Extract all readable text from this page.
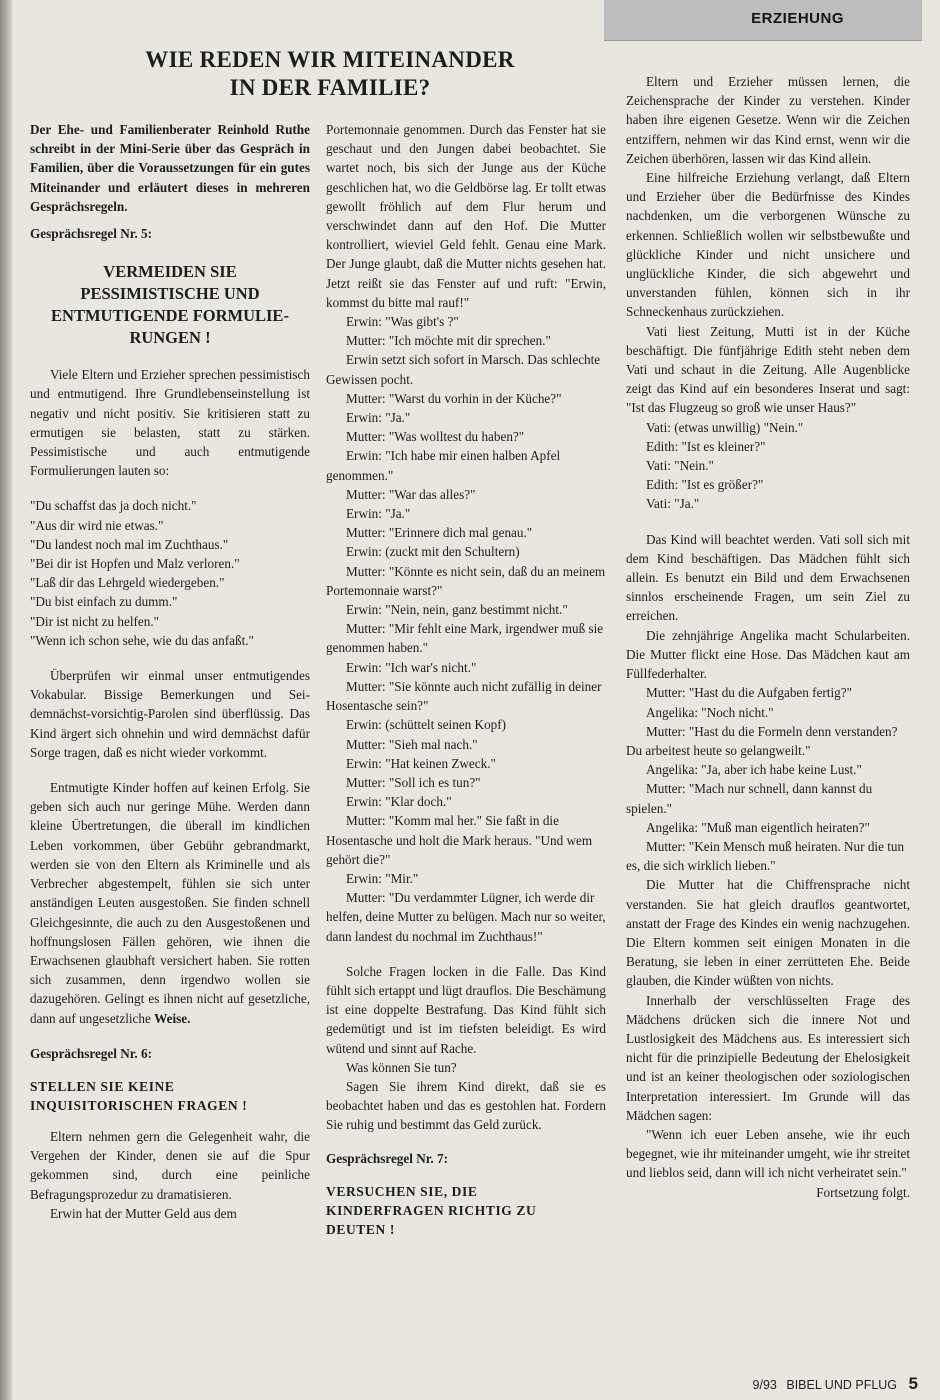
ERZIEHUNG
WIE REDEN WIR MITEINANDER
IN DER FAMILIE?

Der Ehe- und Familienberater Reinhold Ruthe schreibt in der Mini-Serie über das Gespräch in Familien, über die Voraussetzungen für ein gutes Miteinander und erläutert dieses in mehreren Gesprächsregeln.

Gesprächsregel Nr. 5:
VERMEIDEN SIE
PESSIMISTISCHE UND
ENTMUTIGENDE FORMULIE-
RUNGEN !

Viele Eltern und Erzieher sprechen pessimistisch und entmutigend. Ihre Grundlebenseinstellung ist negativ und nicht positiv. Sie kritisieren statt zu ermutigen sie belasten, statt zu stärken. Pessimistische und auch entmutigende Formulierungen lauten so:

"Du schaffst das ja doch nicht."

"Aus dir wird nie etwas."

"Du landest noch mal im Zuchthaus."

"Bei dir ist Hopfen und Malz verloren."

"Laß dir das Lehrgeld wiedergeben."

"Du bist einfach zu dumm."

"Dir ist nicht zu helfen."

"Wenn ich schon sehe, wie du das anfaßt."

Überprüfen wir einmal unser entmutigendes Vokabular. Bissige Bemerkungen und Sei-demnächst-vorsichtig-Parolen sind überflüssig. Das Kind ärgert sich ohnehin und wird demnächst dafür Sorge tragen, daß es nicht wieder vorkommt.

Entmutigte Kinder hoffen auf keinen Erfolg. Sie geben sich auch nur geringe Mühe. Werden dann kleine Übertretungen, die überall im kindlichen Leben vorkommen, über Gebühr gebrandmarkt, werden sie von den Eltern als Kriminelle und als Verbrecher abgestempelt, fühlen sie sich unter anständigen Leuten ausgestoßen. Sie finden schnell Gleichgesinnte, die auch zu den Ausgestoßenen und hoffnungslosen Fällen gehören, wie ihnen die Erwachsenen glaubhaft versichert haben. Sie rotten sich zusammen, denn irgendwo wollen sie dazugehören. Gelingt es ihnen nicht auf gesetzliche, dann auf ungesetzliche Weise.

Gesprächsregel Nr. 6:
STELLEN SIE KEINE
INQUISITORISCHEN FRAGEN !

Eltern nehmen gern die Gelegenheit wahr, die Vergehen der Kinder, denen sie auf die Spur gekommen sind, durch eine peinliche Befragungsprozedur zu dramatisieren.

Erwin hat der Mutter Geld aus dem

Portemonnaie genommen. Durch das Fenster hat sie geschaut und den Jungen dabei beobachtet. Sie wartet noch, bis sich der Junge aus der Küche geschlichen hat, wo die Geldbörse lag. Er tollt etwas gewollt fröhlich auf dem Flur herum und verschwindet dann auf den Hof. Die Mutter kontrolliert, wieviel Geld fehlt. Genau eine Mark. Der Junge glaubt, daß die Mutter nichts gesehen hat. Jetzt reißt sie das Fenster auf und ruft: "Erwin, kommst du bitte mal rauf!"

Erwin: "Was gibt's ?"

Mutter: "Ich möchte mit dir sprechen."

Erwin setzt sich sofort in Marsch. Das schlechte Gewissen pocht.

Mutter: "Warst du vorhin in der Küche?"

Erwin: "Ja."

Mutter: "Was wolltest du haben?"

Erwin: "Ich habe mir einen halben Apfel genommen."

Mutter: "War das alles?"

Erwin: "Ja."

Mutter: "Erinnere dich mal genau."

Erwin: (zuckt mit den Schultern)

Mutter: "Könnte es nicht sein, daß du an meinem Portemonnaie warst?"

Erwin: "Nein, nein, ganz bestimmt nicht."

Mutter: "Mir fehlt eine Mark, irgendwer muß sie genommen haben."

Erwin: "Ich war's nicht."

Mutter: "Sie könnte auch nicht zufällig in deiner Hosentasche sein?"

Erwin: (schüttelt seinen Kopf)

Mutter: "Sieh mal nach."

Erwin: "Hat keinen Zweck."

Mutter: "Soll ich es tun?"

Erwin: "Klar doch."

Mutter: "Komm mal her." Sie faßt in die Hosentasche und holt die Mark heraus. "Und wem gehört die?"

Erwin: "Mir."

Mutter: "Du verdammter Lügner, ich werde dir helfen, deine Mutter zu belügen. Mach nur so weiter, dann landest du nochmal im Zuchthaus!"

Solche Fragen locken in die Falle. Das Kind fühlt sich ertappt und lügt drauflos. Die Beschämung ist eine doppelte Bestrafung. Das Kind fühlt sich gedemütigt und ist im tiefsten beleidigt. Es wird wütend und sinnt auf Rache.

Was können Sie tun?

Sagen Sie ihrem Kind direkt, daß sie es beobachtet haben und das es gestohlen hat. Fordern Sie ruhig und bestimmt das Geld zurück.

Gesprächsregel Nr. 7:
VERSUCHEN SIE, DIE
KINDERFRAGEN RICHTIG ZU
DEUTEN !

Eltern und Erzieher müssen lernen, die Zeichensprache der Kinder zu verstehen. Kinder haben ihre eigenen Gesetze. Wenn wir die Zeichen entziffern, nehmen wir das Kind ernst, wenn wir die Zeichen überhören, lassen wir das Kind allein.

Eine hilfreiche Erziehung verlangt, daß Eltern und Erzieher über die Bedürfnisse des Kindes nachdenken, um die verborgenen Wünsche zu erkennen. Schließlich wollen wir selbstbewußte und glückliche Kinder und nicht unsichere und unglückliche Kinder, die sich abgewehrt und unverstanden fühlen, können sich in ihr Schneckenhaus zurückziehen.

Vati liest Zeitung, Mutti ist in der Küche beschäftigt. Die fünfjährige Edith steht neben dem Vati und schaut in die Zeitung. Alle Augenblicke zeigt das Kind auf ein besonderes Inserat und sagt: "Ist das Flugzeug so groß wie unser Haus?"

Vati: (etwas unwillig) "Nein."

Edith: "Ist es kleiner?"

Vati: "Nein."

Edith: "Ist es größer?"

Vati: "Ja."

Das Kind will beachtet werden. Vati soll sich mit dem Kind beschäftigen. Das Mädchen fühlt sich allein. Es benutzt ein Bild und dem Erwachsenen sinnlos erscheinende Fragen, um sein Ziel zu erreichen.

Die zehnjährige Angelika macht Schularbeiten. Die Mutter flickt eine Hose. Das Mädchen kaut am Füllfederhalter.

Mutter: "Hast du die Aufgaben fertig?"

Angelika: "Noch nicht."

Mutter: "Hast du die Formeln denn verstanden? Du arbeitest heute so gelangweilt."

Angelika: "Ja, aber ich habe keine Lust."

Mutter: "Mach nur schnell, dann kannst du spielen."

Angelika: "Muß man eigentlich heiraten?"

Mutter: "Kein Mensch muß heiraten. Nur die tun es, die sich wirklich lieben."

Die Mutter hat die Chiffrensprache nicht verstanden. Sie hat gleich drauflos geantwortet, anstatt der Frage des Kindes ein wenig nachzugehen. Die Eltern kommen seit einigen Monaten in die Beratung, sie leben in einer zerrütteten Ehe. Beide glauben, die Kinder wüßten von nichts.

Innerhalb der verschlüsselten Frage des Mädchens drücken sich die innere Not und Lustlosigkeit des Mädchens aus. Es interessiert sich nicht für die prinzipielle Bedeutung der Ehelosigkeit und ist an keiner theologischen oder soziologischen Interpretation interessiert. Im Grunde will das Mädchen sagen:

"Wenn ich euer Leben ansehe, wie ihr euch begegnet, wie ihr miteinander umgeht, wie ihr streitet und lieblos seid, dann will ich nicht verheiratet sein."

Fortsetzung folgt.

9/93 BIBEL UND PFLUG 5
